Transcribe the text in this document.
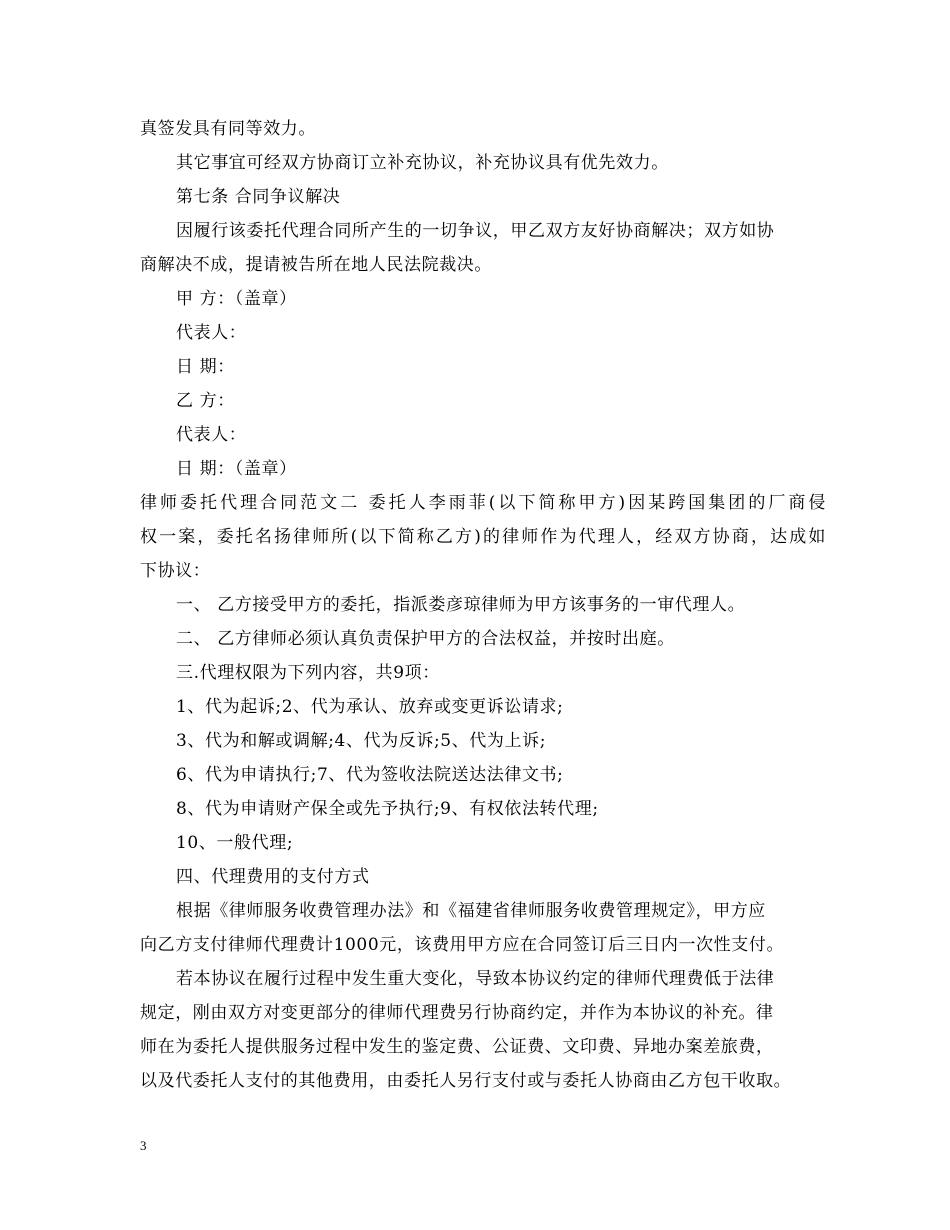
真签发具有同等效力。
其它事宜可经双方协商订立补充协议，补充协议具有优先效力。
第七条 合同争议解决
因履行该委托代理合同所产生的一切争议，甲乙双方友好协商解决；双方如协
商解决不成，提请被告所在地人民法院裁决。
甲 方：（盖章）
代表人：
日 期：
乙 方：
代表人：
日 期：（盖章）
律师委托代理合同范文二 委托人李雨菲(以下简称甲方)因某跨国集团的厂商侵
权一案，委托名扬律师所(以下简称乙方)的律师作为代理人，经双方协商，达成如
下协议：
一、 乙方接受甲方的委托，指派娄彦琼律师为甲方该事务的一审代理人。
二、 乙方律师必须认真负责保护甲方的合法权益，并按时出庭。
三.代理权限为下列内容，共9项：
1、代为起诉;2、代为承认、放弃或变更诉讼请求;
3、代为和解或调解;4、代为反诉;5、代为上诉;
6、代为申请执行;7、代为签收法院送达法律文书;
8、代为申请财产保全或先予执行;9、有权依法转代理;
10、一般代理;
四、代理费用的支付方式
根据《律师服务收费管理办法》和《福建省律师服务收费管理规定》，甲方应
向乙方支付律师代理费计1000元，该费用甲方应在合同签订后三日内一次性支付。
若本协议在履行过程中发生重大变化，导致本协议约定的律师代理费低于法律
规定，刚由双方对变更部分的律师代理费另行协商约定，并作为本协议的补充。律
师在为委托人提供服务过程中发生的鉴定费、公证费、文印费、异地办案差旅费，
以及代委托人支付的其他费用，由委托人另行支付或与委托人协商由乙方包干收取。
3
